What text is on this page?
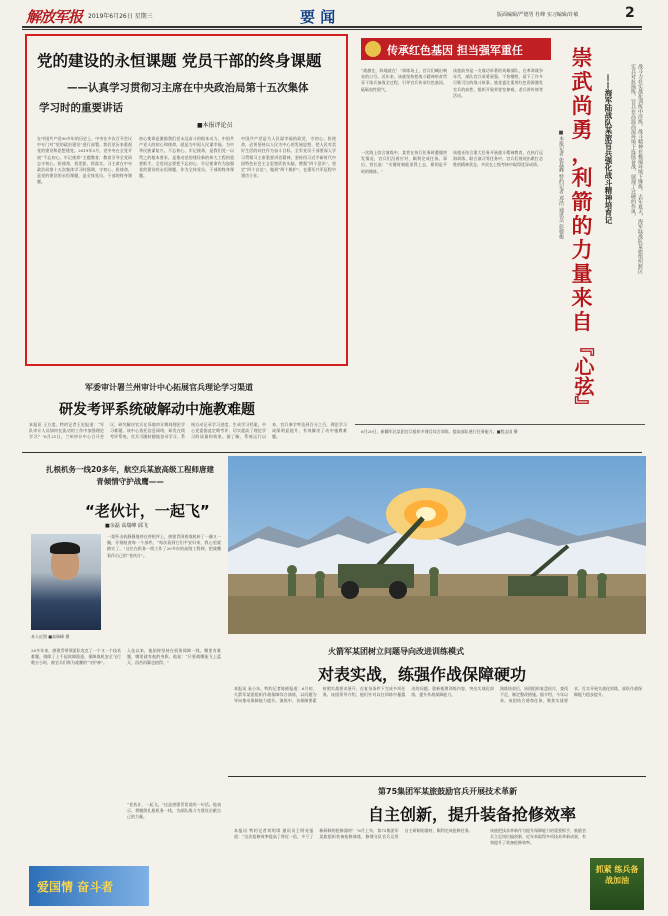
解放军报 2019年6月26日 星期三	要 闻	版面编辑/严德男 杜峰 实习编辑/许敏	2
党的建设的永恒课题 党员干部的终身课题
——认真学习贯彻习主席在中央政治局第十五次集体
学习时的重要讲话
■本报评论员
在中国共产党90多年的历史上，中央在多次召开会议中专门对“党的政治建设”进行部署。我们党历来重视党的建设和思想建党。2019年5月，党中央在全党开展“不忘初心、牢记使命”主题教育，教育引导全党同志守初心、担使命，找差距、抓落实。习主席在中央政治局第十五次集体学习时强调，守初心、担使命，是党的建设的永恒课题，是全体党员、干部的终身课题。
初心使命是激励我们党永远奋斗的根本动力。中国共产党人的初心和使命，就是为中国人民谋幸福，为中华民族谋复兴。不忘初心、牢记使命，是我们党一以贯之的根本要求，是推动党的建设新的伟大工程的重要抓手。全党同志要把不忘初心、牢记使命作为加强党的建设的永恒课题，作为全体党员、干部的终身课题。
中国共产党是为人民谋幸福的政党，守初心、担使命，必须坚持以人民为中心的发展思想，把人民对美好生活的向往作为奋斗目标。全军党员干部要深入学习贯彻习主席重要讲话精神，坚持用习近平新时代中国特色社会主义思想武装头脑，增强“四个意识”、坚定“四个自信”、做到“两个维护”，在强军兴军征程中建功立业。
传承红色基因 担当强军重任 崇
武
尚
勇
，
利
箭
的
力
量
来
自
『心弦』
——海军陆战队某旅官兵强化战斗精神培育记	战斗力在实战化训练中淬炼，战斗精神在极端环境下锤炼。去年夏天，海军陆战队某旅组织跨区实兵对抗演练，官兵在高温高湿环境下连续奋战，展现了过硬的作风。
■本报记者 张磊峰 特约记者 邓浩 通讯员 彭德俊
“战旗在，阵地就在！”训练场上，官兵们喊出响亮的口号。近年来，该旅坚持把战斗精神培育贯穿于练兵备战全过程，引导官兵传承红色基因、砥砺血性胆气。
该旅前身是一支战功卓著的英雄部队，在革命战争年代，部队官兵英勇顽强、不怕牺牲，留下了许多可歌可泣的战斗故事。旅党委注重用红色资源激发官兵的血性，组织开展荣誉室参观、老兵讲传统等活动。
一次海上综合演练中，某营在执行任务时遭遇突发情况，官兵们沉着应对，顺利完成任务。事后，营长说：“关键时刻能顶得上去，靠的是平时的锤炼。”
该旅还结合重大任务开展战斗精神教育，在执行远海训练、联合演习等任务中，官兵们展现出敢打必胜的精神状态，多次在上级考核中取得优异成绩。
6月20日，新疆军区某团官兵组织多课目综合训练，提高部队遂行任务能力。■程志国 摄
军委审计署兰州审计中心拓展官兵理论学习渠道
研发考评系统破解动中施教难题
本报讯 王方度、特约记者王宏报道：“军队审计人员如何在流动的工作中加强理论学习？”6月21日，兰州审计中心召开会议，研究解决官兵在异地审计期间理论学习难题。该中心依托信息网络，研发在线考评系统，官兵可随时随地登录学习，系统自动记录学习进度、生成学习档案，中心党委据此定期考评，切实提高了理论学习的质量和效果。据了解，系统运行以来，官兵参学率达到百分之百，理论学习成绩明显提升，有效解决了动中施教难题。
扎根机务一线20多年，航空兵某旅高级工程师唐建青倾情守护战鹰——
“老伙计，一起飞”
■余磊 高瑞峰 邱飞
本人近照 ■高瑞峰 摄
一架歼击机静静地停在停机坪上，唐建青围着战机转了一圈又一圈，仔细检查每一个部件。“每次看到它们平安归来，我心里就踏实了。”这位在机务一线工作了20多年的高级工程师，把战鹰看作自己的“老伙计”。
20多年来，唐建青带领团队攻克了一个又一个技术难题，排除了上千起故障隐患，保障战机安全飞行数万小时，被官兵们称为战鹰的“守护神”。
入伍以来，他始终坚持在机务保障一线，哪里有难题，哪里就有他的身影。他说：“只要战鹰能飞上蓝天，再苦再累也值得。”
“老伙计，一起飞。”这是唐建青常说的一句话。他表示，将继续扎根机务一线，为部队战斗力建设贡献自己的力量。
爱国情 奋斗者
火箭军某团树立问题导向改进训练模式
对表实战，练强作战保障硬功
本报讯 易小东、特约记者陈彬报道：6月初，火箭军某团组织作战保障综合演练，以问题为导向推动保障能力提升。演练中，各保障要素按照实战要求展开，在复杂条件下完成多项任务。该团领导介绍，他们针对以往训练中暴露出的问题，重新梳理训练内容，突出实战化训练，提升作战保障能力。
演练结束后，该团组织复盘检讨，查找不足，制定整改措施。据介绍，今年以来，该团结合使命任务，聚焦实战要求，扎实开展实战化训练，部队作战保障能力稳步提升。
第75集团军某旅鼓励官兵开展技术革新
自主创新，提升装备抢修效率
本报讯 特约记者刘明琪 通讯员王明亮报道：“这次抢修效率提高了将近一倍，多亏了新研制的抢修器材！”6月上旬，第75集团军某旅组织装备抢修演练，修理分队官兵运用自主研制的器材，顺利完成抢修任务。	该旅把技术革新作为提升保障能力的重要抓手，鼓励官兵立足岗位搞创新，近年来取得多项技术革新成果，有效提升了装备抢修效率。
抓紧 练兵备战加油
